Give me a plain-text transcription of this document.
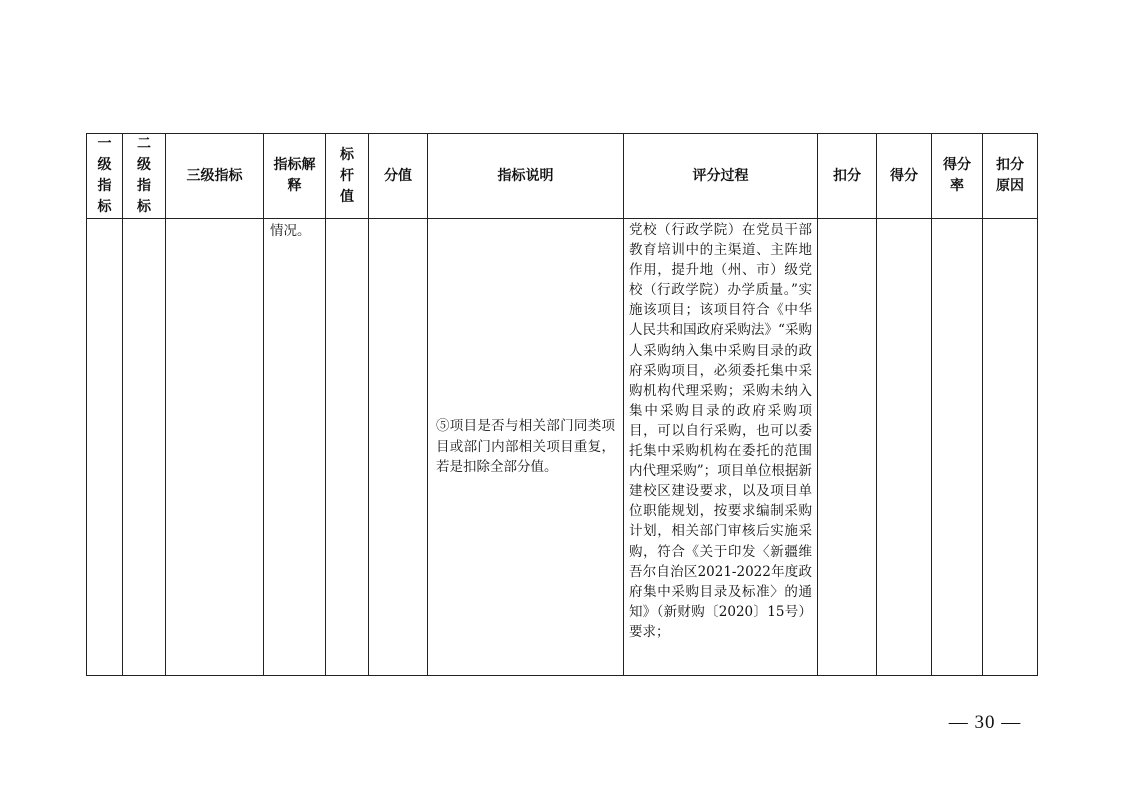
一级指标	二级指标	三级指标	指标解释	标杆值	分值	指标说明	评分过程	扣分	得分	得分率	扣分原因

			情况。			⑤项目是否与相关部门同类项目或部门内部相关项目重复，若是扣除全部分值。	党校（行政学院）在党员干部教育培训中的主渠道、主阵地作用，提升地（州、市）级党校（行政学院）办学质量。”实施该项目；该项目符合《中华人民共和国政府采购法》“采购人采购纳入集中采购目录的政府采购项目，必须委托集中采购机构代理采购；采购未纳入集中采购目录的政府采购项目，可以自行采购，也可以委托集中采购机构在委托的范围内代理采购”；项目单位根据新建校区建设要求，以及项目单位职能规划，按要求编制采购计划，相关部门审核后实施采购，符合《关于印发〈新疆维吾尔自治区2021-2022年度政府集中采购目录及标准〉的通知》（新财购〔2020〕15号）要求；				

— 30 —
